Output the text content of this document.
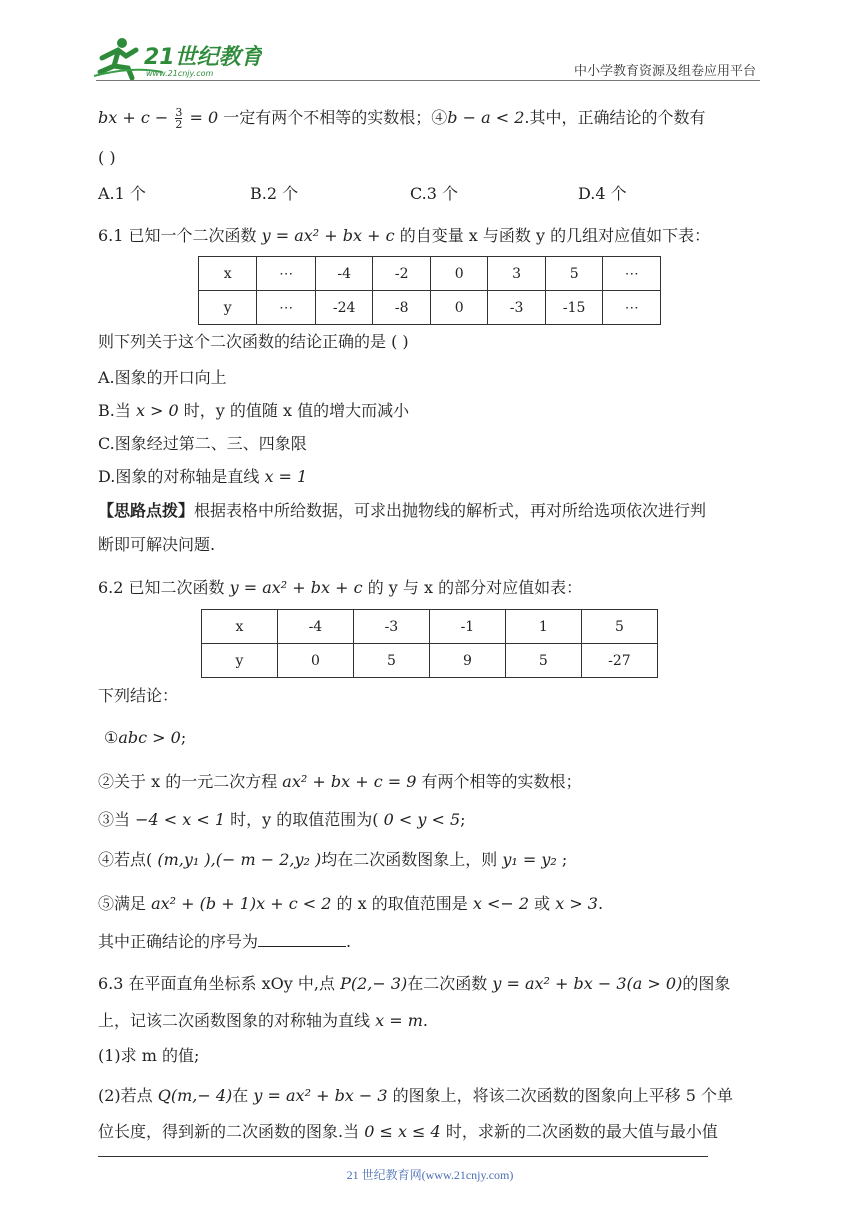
21世纪教育
www.21cnjy.com	中小学教育资源及组卷应用平台
bx + $c - \frac{3}{2} = 0$ 一定有两个不相等的实数根；④b − a < 2.其中，正确结论的个数有
( )
A.1 个	B.2 个	C.3 个	D.4 个
6.1 已知一个二次函数 y = ax² + bx + c 的自变量 x 与函数 y 的几组对应值如下表：
x	⋯	-4	-2	0	3	5	⋯
y	⋯	-24	-8	0	-3	-15	⋯
则下列关于这个二次函数的结论正确的是 ( )
A.图象的开口向上
B.当 x > 0 时，y 的值随 x 值的增大而减小
C.图象经过第二、三、四象限
D.图象的对称轴是直线 x = 1
【思路点拨】根据表格中所给数据，可求出抛物线的解析式，再对所给选项依次进行判
断即可解决问题.
6.2 已知二次函数 y = ax² + bx + c 的 y 与 x 的部分对应值如表：
x	-4	-3	-1	1	5
y	0	5	9	5	-27
下列结论：
①abc > 0;
②关于 x 的一元二次方程 ax² + bx + c = 9 有两个相等的实数根；
③当 −4 < x < 1 时，y 的取值范围为( 0 < y < 5;
④若点( (m,y₁ ),(− m − 2,y₂ )均在二次函数图象上，则 y₁ = y₂ ;
⑤满足 ax² + (b + 1)x + c < 2 的 x 的取值范围是 x <− 2 或 x > 3.
其中正确结论的序号为	.
6.3 在平面直角坐标系 xOy 中,点 P(2,− 3)在二次函数 y = ax² + bx − 3(a > 0)的图象
上，记该二次函数图象的对称轴为直线 x = m.
(1)求 m 的值;
(2)若点 Q(m,− 4)在 y = ax² + bx − 3 的图象上，将该二次函数的图象向上平移 5 个单
位长度，得到新的二次函数的图象.当 0 ≤ x ≤ 4 时，求新的二次函数的最大值与最小值
21 世纪教育网(www.21cnjy.com)
